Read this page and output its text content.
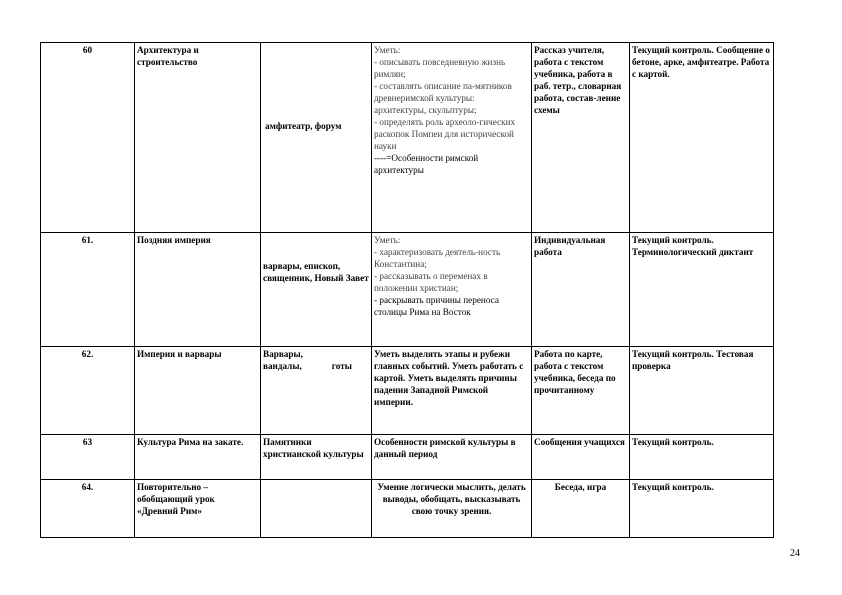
60	Архитектура и строительство	амфитеатр, форум	Уметь:
- описывать повседневную жизнь римлян;
- составлять описание па-мятников древнеримской культуры: архитектуры, скульптуры;
- определять роль археоло-гических раскопок Помпеи для исторической науки
----=Особенности римской архитектуры	Рассказ учителя, работа с текстом учебника, работа в раб. тетр., словарная работа, состав-ление схемы	Текущий контроль. Сообщение о бетоне, арке, амфитеатре. Работа с картой.
61.	Поздняя империя	варвары, епископ, священник, Новый Завет	Уметь:
- характеризовать деятель-ность Константина;
- рассказывать о переменах в положении христиан;
- раскрывать причины переноса столицы Рима на Восток	Индивидуальная работа	Текущий контроль. Терминологический диктант
62.	Империя и варвары	Варвары,
вандалы, готы	Уметь выделять этапы и рубежи главных событий. Уметь работать с картой. Уметь выделять причины падения Западной Римской империи.	Работа по карте, работа с текстом учебника, беседа по прочитанному	Текущий контроль. Тестовая проверка
63	Культура Рима на закате.	Памятники христианской культуры	Особенности римской культуры в данный период	Сообщения учащихся	Текущий контроль.
64.	Повторительно – обобщающий урок «Древний Рим»		Умение логически мыслить, делать выводы, обобщать, высказывать свою точку зрения.	Беседа, игра	Текущий контроль.
24
